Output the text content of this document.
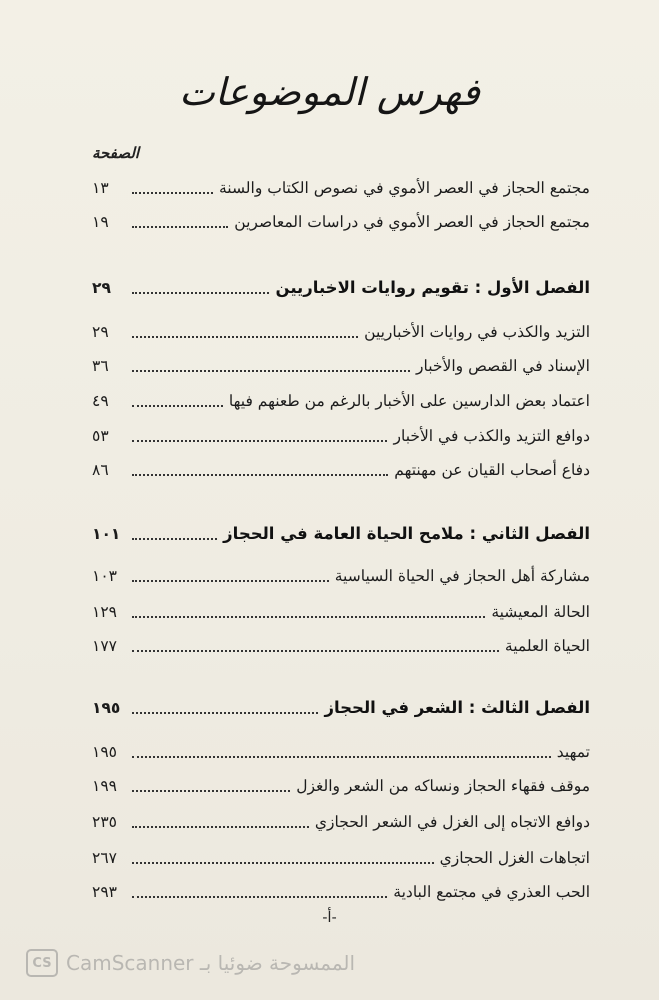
فهرس الموضوعات
الصفحة
مجتمع الحجاز في العصر الأموي في نصوص الكتاب والسنة
١٣
مجتمع الحجاز في العصر الأموي في دراسات المعاصرين
١٩
الفصل الأول : تقويم روايات الاخباريين
٢٩
التزيد والكذب في روايات الأخباريين
٢٩
الإسناد في القصص والأخبار
٣٦
اعتماد بعض الدارسين على الأخبار بالرغم من طعنهم فيها
٤٩
دوافع التزيد والكذب في الأخبار
٥٣
دفاع أصحاب القيان عن مهنتهم
٨٦
الفصل الثاني : ملامح الحياة العامة في الحجاز
١٠١
مشاركة أهل الحجاز في الحياة السياسية
١٠٣
الحالة المعيشية
١٢٩
الحياة العلمية
١٧٧
الفصل الثالث : الشعر في الحجاز
١٩٥
تمهيد
١٩٥
موقف فقهاء الحجاز ونساكه من الشعر والغزل
١٩٩
دوافع الاتجاه إلى الغزل في الشعر الحجازي
٢٣٥
اتجاهات الغزل الحجازي
٢٦٧
الحب العذري في مجتمع البادية
٢٩٣
-أ-
CS الممسوحة ضوئيا بـ CamScanner
